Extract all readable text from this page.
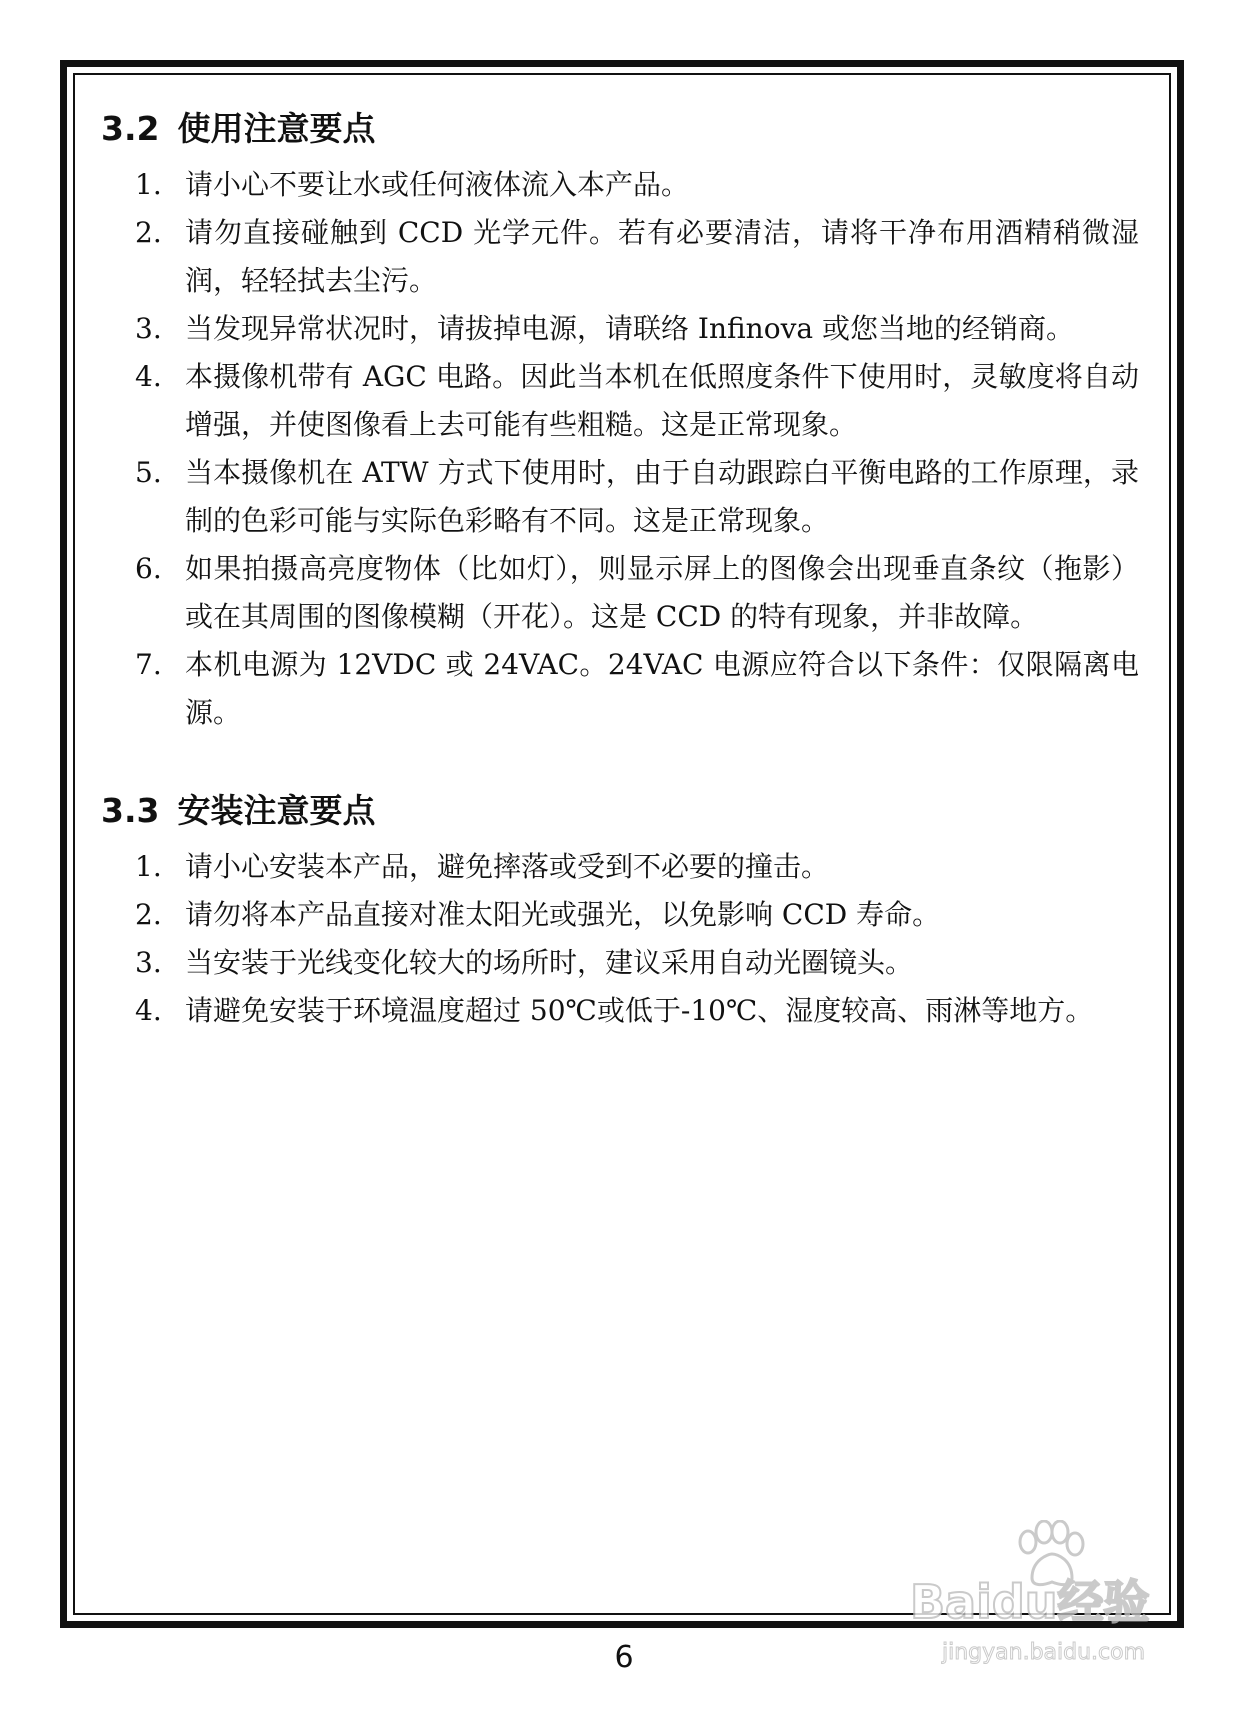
3.2 使用注意要点
1. 请小心不要让水或任何液体流入本产品。
2. 请勿直接碰触到 CCD 光学元件。若有必要清洁，请将干净布用酒精稍微湿润，轻轻拭去尘污。
3. 当发现异常状况时，请拔掉电源，请联络 Infinova 或您当地的经销商。
4. 本摄像机带有 AGC 电路。因此当本机在低照度条件下使用时，灵敏度将自动增强，并使图像看上去可能有些粗糙。这是正常现象。
5. 当本摄像机在 ATW 方式下使用时，由于自动跟踪白平衡电路的工作原理，录制的色彩可能与实际色彩略有不同。这是正常现象。
6. 如果拍摄高亮度物体（比如灯），则显示屏上的图像会出现垂直条纹（拖影）或在其周围的图像模糊（开花）。这是 CCD 的特有现象，并非故障。
7. 本机电源为 12VDC 或 24VAC。24VAC 电源应符合以下条件：仅限隔离电源。
3.3 安装注意要点
1. 请小心安装本产品，避免摔落或受到不必要的撞击。
2. 请勿将本产品直接对准太阳光或强光，以免影响 CCD 寿命。
3. 当安装于光线变化较大的场所时，建议采用自动光圈镜头。
4. 请避免安装于环境温度超过 50℃或低于-10℃、湿度较高、雨淋等地方。
Baidu经验
jingyan.baidu.com
6
